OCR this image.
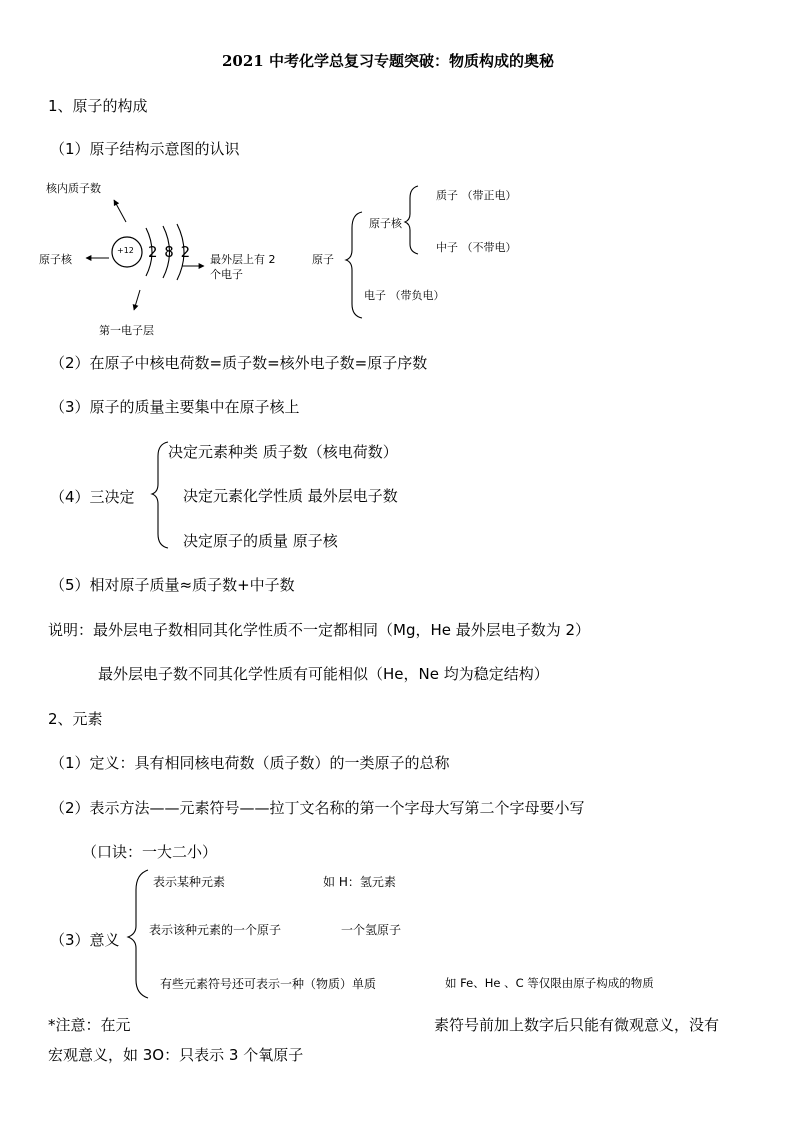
2021 中考化学总复习专题突破：物质构成的奥秘
1、原子的构成
（1）原子结构示意图的认识
核内质子数
原子核
+12 2 8 2 最外层上有 2
个电子
第一电子层
原子
原子核
质子 （带正电）
中子 （不带电）
电子 （带负电）
（2）在原子中核电荷数=质子数=核外电子数=原子序数
（3）原子的质量主要集中在原子核上
（4）三决定
决定元素种类 质子数（核电荷数）
决定元素化学性质 最外层电子数
决定原子的质量 原子核
（5）相对原子质量≈质子数+中子数
说明：最外层电子数相同其化学性质不一定都相同（Mg，He 最外层电子数为 2）
最外层电子数不同其化学性质有可能相似（He，Ne 均为稳定结构）
2、元素
（1）定义：具有相同核电荷数（质子数）的一类原子的总称
（2）表示方法——元素符号——拉丁文名称的第一个字母大写第二个字母要小写
（口诀：一大二小）
（3）意义
表示某种元素	如 H：氢元素
表示该种元素的一个原子	一个氢原子
有些元素符号还可表示一种（物质）单质	如 Fe、He 、C 等仅限由原子构成的物质
*注意：在元	素符号前加上数字后只能有微观意义，没有
宏观意义，如 3O：只表示 3 个氧原子
